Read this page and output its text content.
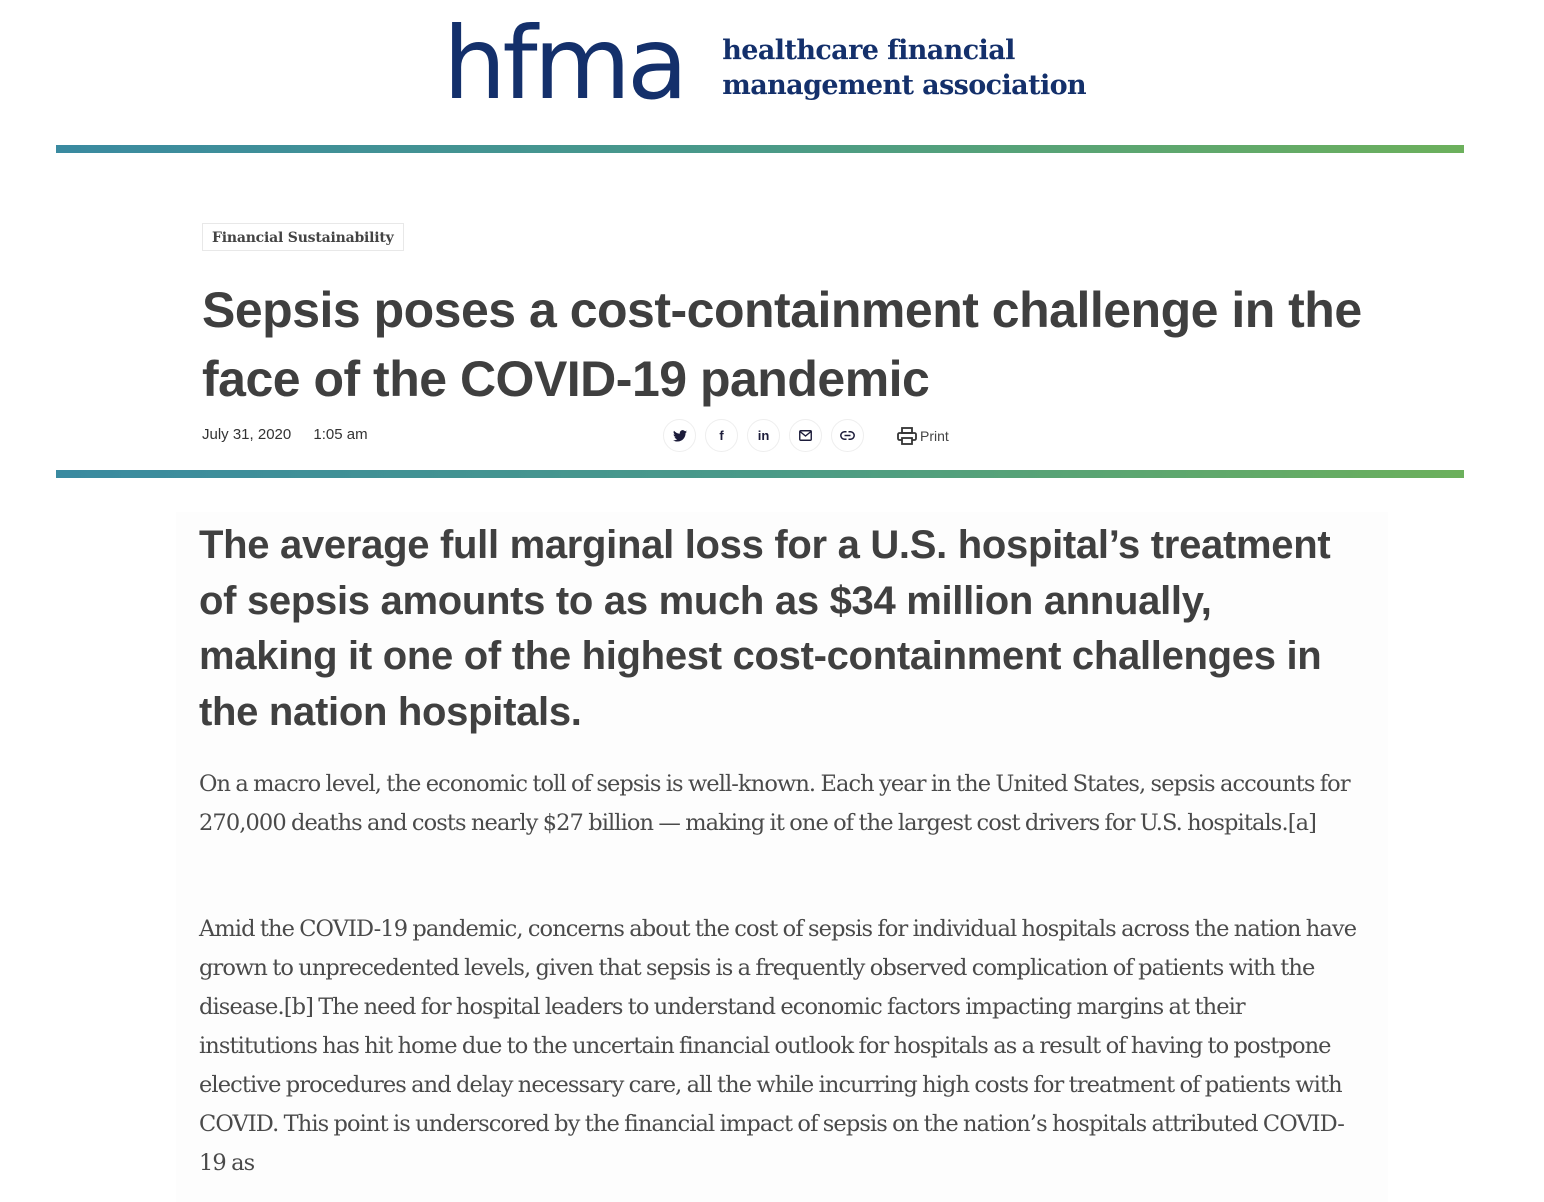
hfma healthcare financial
management association
Financial Sustainability
Sepsis poses a cost-containment challenge in the face of the COVID-19 pandemic
July 31, 2020 1:05 am	f	in	Print
The average full marginal loss for a U.S. hospital’s treatment of sepsis amounts to as much as $34 million annually, making it one of the highest cost-containment challenges in the nation hospitals.

On a macro level, the economic toll of sepsis is well-known. Each year in the United States, sepsis accounts for 270,000 deaths and costs nearly $27 billion — making it one of the largest cost drivers for U.S. hospitals.[a]

Amid the COVID-19 pandemic, concerns about the cost of sepsis for individual hospitals across the nation have grown to unprecedented levels, given that sepsis is a frequently observed complication of patients with the disease.[b] The need for hospital leaders to understand economic factors impacting margins at their institutions has hit home due to the uncertain financial outlook for hospitals as a result of having to postpone elective procedures and delay necessary care, all the while incurring high costs for treatment of patients with COVID. This point is underscored by the financial impact of sepsis on the nation’s hospitals attributed COVID-19 as
